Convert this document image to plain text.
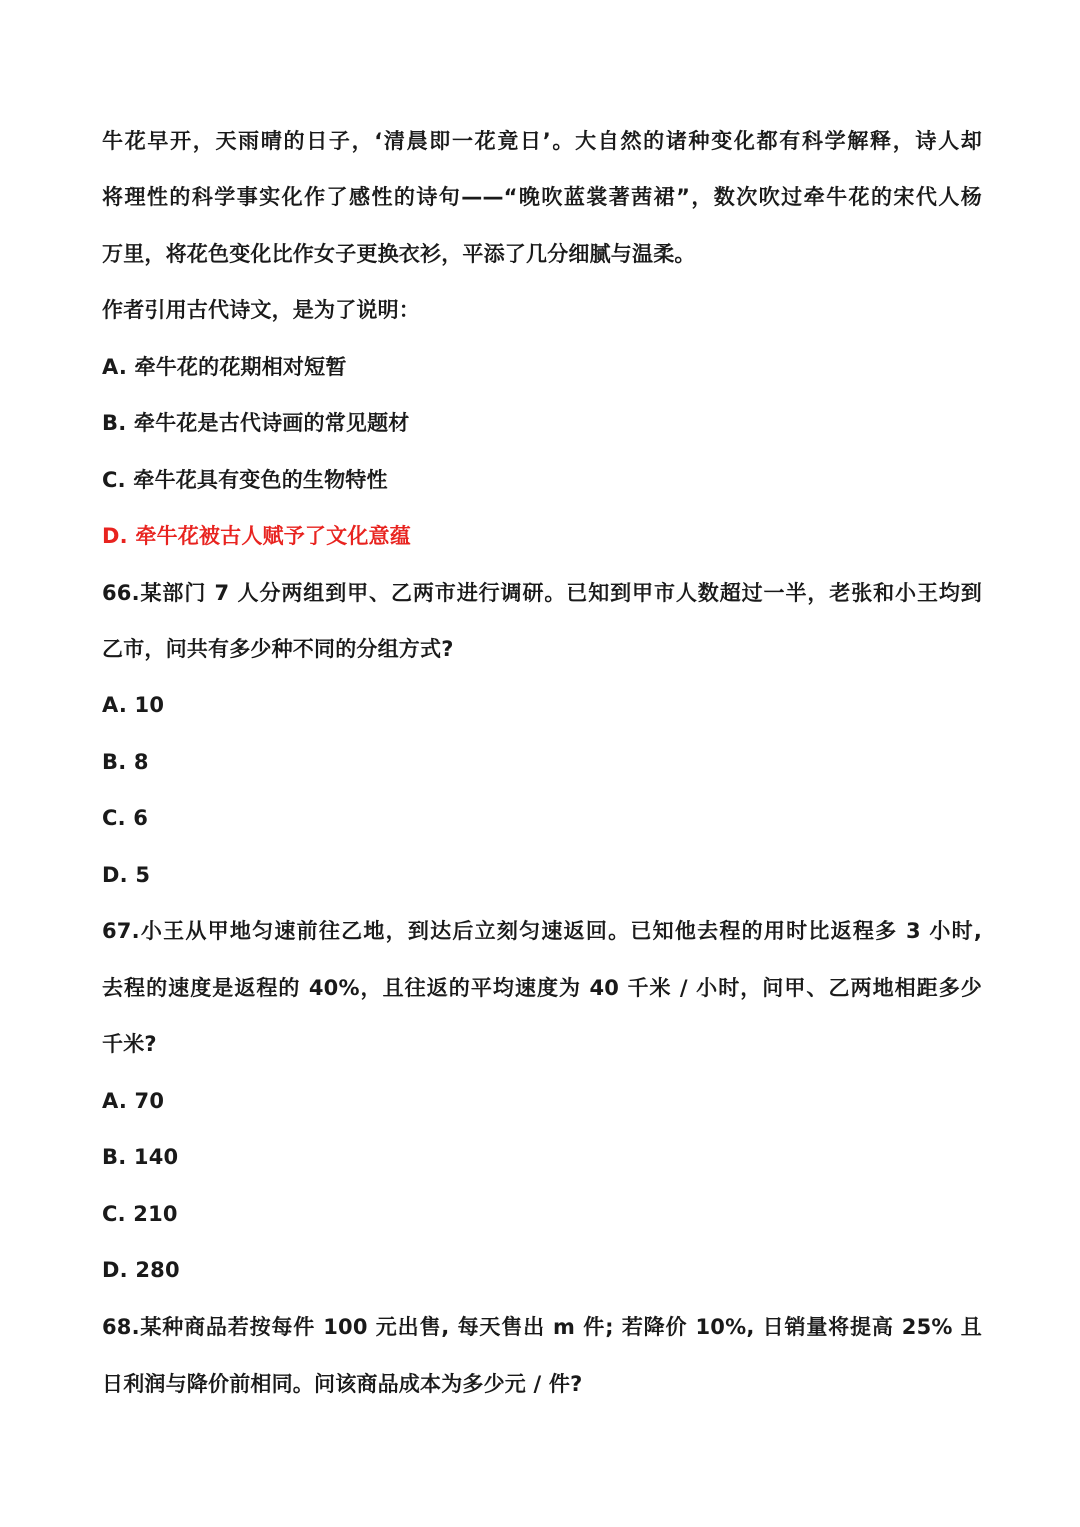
牛花早开，天雨晴的日子，‘清晨即一花竟日’。大自然的诸种变化都有科学解释，诗人却
将理性的科学事实化作了感性的诗句——“晚吹蓝裳著茜裙”，数次吹过牵牛花的宋代人杨
万里，将花色变化比作女子更换衣衫，平添了几分细腻与温柔。
作者引用古代诗文，是为了说明：
A. 牵牛花的花期相对短暂
B. 牵牛花是古代诗画的常见题材
C. 牵牛花具有变色的生物特性
D. 牵牛花被古人赋予了文化意蕴
66.某部门 7 人分两组到甲、乙两市进行调研。已知到甲市人数超过一半，老张和小王均到
乙市，问共有多少种不同的分组方式?
A. 10
B. 8
C. 6
D. 5
67.小王从甲地匀速前往乙地，到达后立刻匀速返回。已知他去程的用时比返程多 3 小时,
去程的速度是返程的 40%，且往返的平均速度为 40 千米 / 小时，问甲、乙两地相距多少
千米?
A. 70
B. 140
C. 210
D. 280
68.某种商品若按每件 100 元出售, 每天售出 m 件; 若降价 10%, 日销量将提高 25% 且
日利润与降价前相同。问该商品成本为多少元 / 件?
